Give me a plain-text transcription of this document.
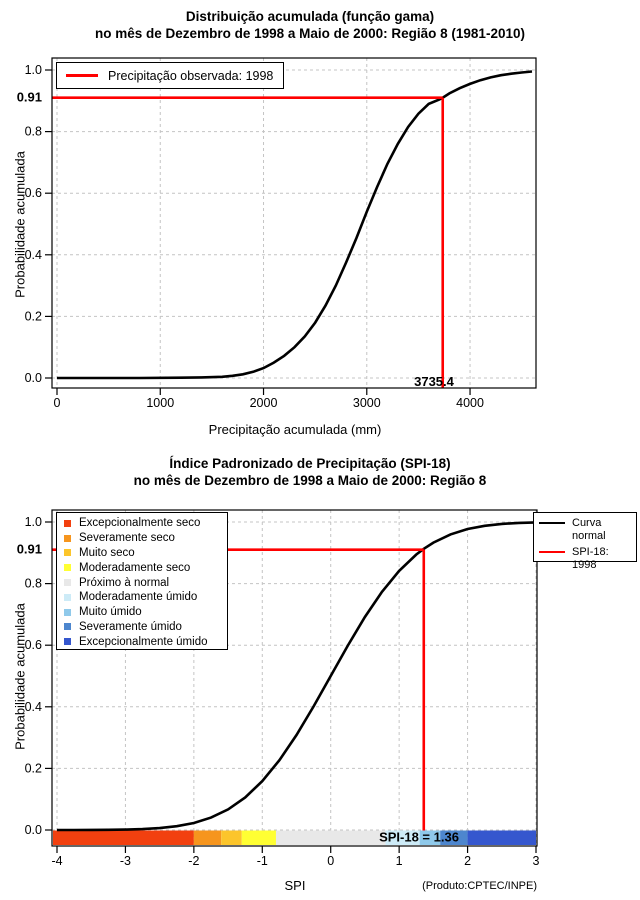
Distribuição acumulada (função gama)
no mês de Dezembro de 1998 a Maio de 2000: Região 8 (1981-2010)
3735.4
0	1000	2000	3000	4000
0.0
0.2
0.4
0.6
0.8
1.0
0.91
Probabilidade acumulada
Precipitação acumulada (mm)
Precipitação observada: 1998
Índice Padronizado de Precipitação (SPI-18)
no mês de Dezembro de 1998 a Maio de 2000: Região 8
SPI-18 = 1.36
-4	-3	-2	-1	0	1	2	3
0.0
0.2
0.4
0.6
0.8
1.0
0.91
Probabilidade acumulada
SPI	(Produto:CPTEC/INPE)
Excepcionalmente seco
Severamente seco
Muito seco
Moderadamente seco
Próximo à normal
Moderadamente úmido
Muito úmido
Severamente úmido
Excepcionalmente úmido
Curva normal
SPI-18: 1998
